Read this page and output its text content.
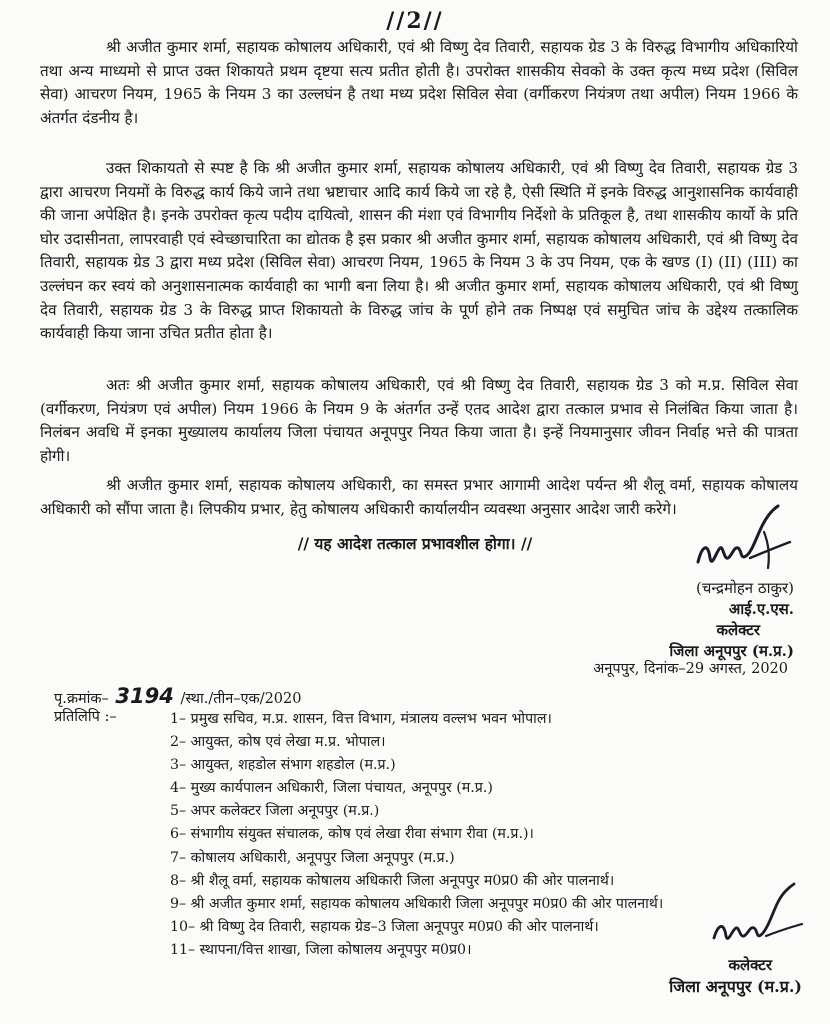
//2//

श्री अजीत कुमार शर्मा, सहायक कोषालय अधिकारी, एवं श्री विष्णु देव तिवारी, सहायक ग्रेड 3 के विरुद्ध विभागीय अधिकारियो तथा अन्य माध्यमो से प्राप्त उक्त शिकायते प्रथम दृष्टया सत्य प्रतीत होती है। उपरोक्त शासकीय सेवको के उक्त कृत्य मध्य प्रदेश (सिविल सेवा) आचरण नियम, 1965 के नियम 3 का उल्लघंन है तथा मध्य प्रदेश सिविल सेवा (वर्गीकरण नियंत्रण तथा अपील) नियम 1966 के अंतर्गत दंडनीय है।

उक्त शिकायतो से स्पष्ट है कि श्री अजीत कुमार शर्मा, सहायक कोषालय अधिकारी, एवं श्री विष्णु देव तिवारी, सहायक ग्रेड 3 द्वारा आचरण नियमों के विरुद्ध कार्य किये जाने तथा भ्रष्टाचार आदि कार्य किये जा रहे है, ऐसी स्थिति में इनके विरुद्ध आनुशासनिक कार्यवाही की जाना अपेक्षित है। इनके उपरोक्त कृत्य पदीय दायित्वो, शासन की मंशा एवं विभागीय निर्देशो के प्रतिकूल है, तथा शासकीय कार्यो के प्रति घोर उदासीनता, लापरवाही एवं स्वेच्छाचारिता का द्योतक है इस प्रकार श्री अजीत कुमार शर्मा, सहायक कोषालय अधिकारी, एवं श्री विष्णु देव तिवारी, सहायक ग्रेड 3 द्वारा मध्य प्रदेश (सिविल सेवा) आचरण नियम, 1965 के नियम 3 के उप नियम, एक के खण्ड (I) (II) (III) का उल्लंघन कर स्वयं को अनुशासनात्मक कार्यवाही का भागी बना लिया है। श्री अजीत कुमार शर्मा, सहायक कोषालय अधिकारी, एवं श्री विष्णु देव तिवारी, सहायक ग्रेड 3 के विरुद्ध प्राप्त शिकायतो के विरुद्ध जांच के पूर्ण होने तक निष्पक्ष एवं समुचित जांच के उद्देश्य तत्कालिक कार्यवाही किया जाना उचित प्रतीत होता है।

अतः श्री अजीत कुमार शर्मा, सहायक कोषालय अधिकारी, एवं श्री विष्णु देव तिवारी, सहायक ग्रेड 3 को म.प्र. सिविल सेवा (वर्गीकरण, नियंत्रण एवं अपील) नियम 1966 के नियम 9 के अंतर्गत उन्हें एतद आदेश द्वारा तत्काल प्रभाव से निलंबित किया जाता है। निलंबन अवधि में इनका मुख्यालय कार्यालय जिला पंचायत अनूपपुर नियत किया जाता है। इन्हें नियमानुसार जीवन निर्वाह भत्ते की पात्रता होगी।

श्री अजीत कुमार शर्मा, सहायक कोषालय अधिकारी, का समस्त प्रभार आगामी आदेश पर्यन्त श्री शैलू वर्मा, सहायक कोषालय अधिकारी को सौंपा जाता है। लिपकीय प्रभार, हेतु कोषालय अधिकारी कार्यालयीन व्यवस्था अनुसार आदेश जारी करेगे।

// यह आदेश तत्काल प्रभावशील होगा। //
(चन्द्रमोहन ठाकुर)
आई.ए.एस.
कलेक्टर
जिला अनूपपुर (म.प्र.)
अनूपपुर, दिनांक–29 अगस्त, 2020
पृ.क्रमांक– 3194 /स्था./तीन–एक/2020
प्रतिलिपि :–	1– प्रमुख सचिव, म.प्र. शासन, वित्त विभाग, मंत्रालय वल्लभ भवन भोपाल।
2– आयुक्त, कोष एवं लेखा म.प्र. भोपाल।
3– आयुक्त, शहडोल संभाग शहडोल (म.प्र.)
4– मुख्य कार्यपालन अधिकारी, जिला पंचायत, अनूपपुर (म.प्र.)
5– अपर कलेक्टर जिला अनूपपुर (म.प्र.)
6– संभागीय संयुक्त संचालक, कोष एवं लेखा रीवा संभाग रीवा (म.प्र.)।
7– कोषालय अधिकारी, अनूपपुर जिला अनूपपुर (म.प्र.)
8– श्री शैलू वर्मा, सहायक कोषालय अधिकारी जिला अनूपपुर म0प्र0 की ओर पालनार्थ।
9– श्री अजीत कुमार शर्मा, सहायक कोषालय अधिकारी जिला अनूपपुर म0प्र0 की ओर पालनार्थ।
10– श्री विष्णु देव तिवारी, सहायक ग्रेड–3 जिला अनूपपुर म0प्र0 की ओर पालनार्थ।
11– स्थापना/वित्त शाखा, जिला कोषालय अनूपपुर म0प्र0।
कलेक्टर
जिला अनूपपुर (म.प्र.)
